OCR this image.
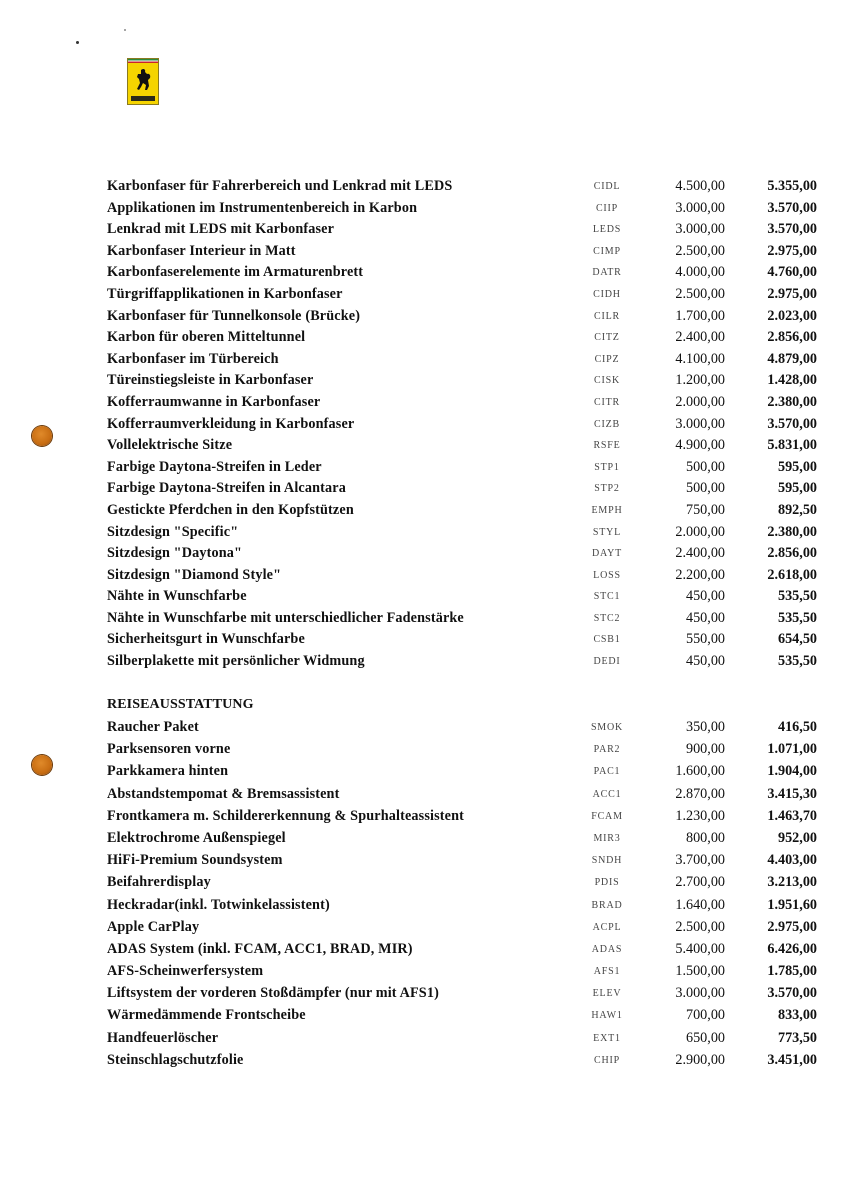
Karbonfaser für Fahrerbereich und Lenkrad mit LEDS	CIDL	4.500,00	5.355,00
Applikationen im Instrumentenbereich in Karbon	CIIP	3.000,00	3.570,00
Lenkrad mit LEDS mit Karbonfaser	LEDS	3.000,00	3.570,00
Karbonfaser Interieur in Matt	CIMP	2.500,00	2.975,00
Karbonfaserelemente im Armaturenbrett	DATR	4.000,00	4.760,00
Türgriffapplikationen in Karbonfaser	CIDH	2.500,00	2.975,00
Karbonfaser für Tunnelkonsole (Brücke)	CILR	1.700,00	2.023,00
Karbon für oberen Mitteltunnel	CITZ	2.400,00	2.856,00
Karbonfaser im Türbereich	CIPZ	4.100,00	4.879,00
Türeinstiegsleiste in Karbonfaser	CISK	1.200,00	1.428,00
Kofferraumwanne in Karbonfaser	CITR	2.000,00	2.380,00
Kofferraumverkleidung in Karbonfaser	CIZB	3.000,00	3.570,00
Vollelektrische Sitze	RSFE	4.900,00	5.831,00
Farbige Daytona-Streifen in Leder	STP1	500,00	595,00
Farbige Daytona-Streifen in Alcantara	STP2	500,00	595,00
Gestickte Pferdchen in den Kopfstützen	EMPH	750,00	892,50
Sitzdesign "Specific"	STYL	2.000,00	2.380,00
Sitzdesign "Daytona"	DAYT	2.400,00	2.856,00
Sitzdesign "Diamond Style"	LOSS	2.200,00	2.618,00
Nähte in Wunschfarbe	STC1	450,00	535,50
Nähte in Wunschfarbe mit unterschiedlicher Fadenstärke	STC2	450,00	535,50
Sicherheitsgurt in Wunschfarbe	CSB1	550,00	654,50
Silberplakette mit persönlicher Widmung	DEDI	450,00	535,50
REISEAUSSTATTUNG
Raucher Paket	SMOK	350,00	416,50
Parksensoren vorne	PAR2	900,00	1.071,00
Parkkamera hinten	PAC1	1.600,00	1.904,00
Abstandstempomat & Bremsassistent	ACC1	2.870,00	3.415,30
Frontkamera m. Schildererkennung & Spurhalteassistent	FCAM	1.230,00	1.463,70
Elektrochrome Außenspiegel	MIR3	800,00	952,00
HiFi-Premium Soundsystem	SNDH	3.700,00	4.403,00
Beifahrerdisplay	PDIS	2.700,00	3.213,00
Heckradar(inkl. Totwinkelassistent)	BRAD	1.640,00	1.951,60
Apple CarPlay	ACPL	2.500,00	2.975,00
ADAS System (inkl. FCAM, ACC1, BRAD, MIR)	ADAS	5.400,00	6.426,00
AFS-Scheinwerfersystem	AFS1	1.500,00	1.785,00
Liftsystem der vorderen Stoßdämpfer (nur mit AFS1)	ELEV	3.000,00	3.570,00
Wärmedämmende Frontscheibe	HAW1	700,00	833,00
Handfeuerlöscher	EXT1	650,00	773,50
Steinschlagschutzfolie	CHIP	2.900,00	3.451,00
